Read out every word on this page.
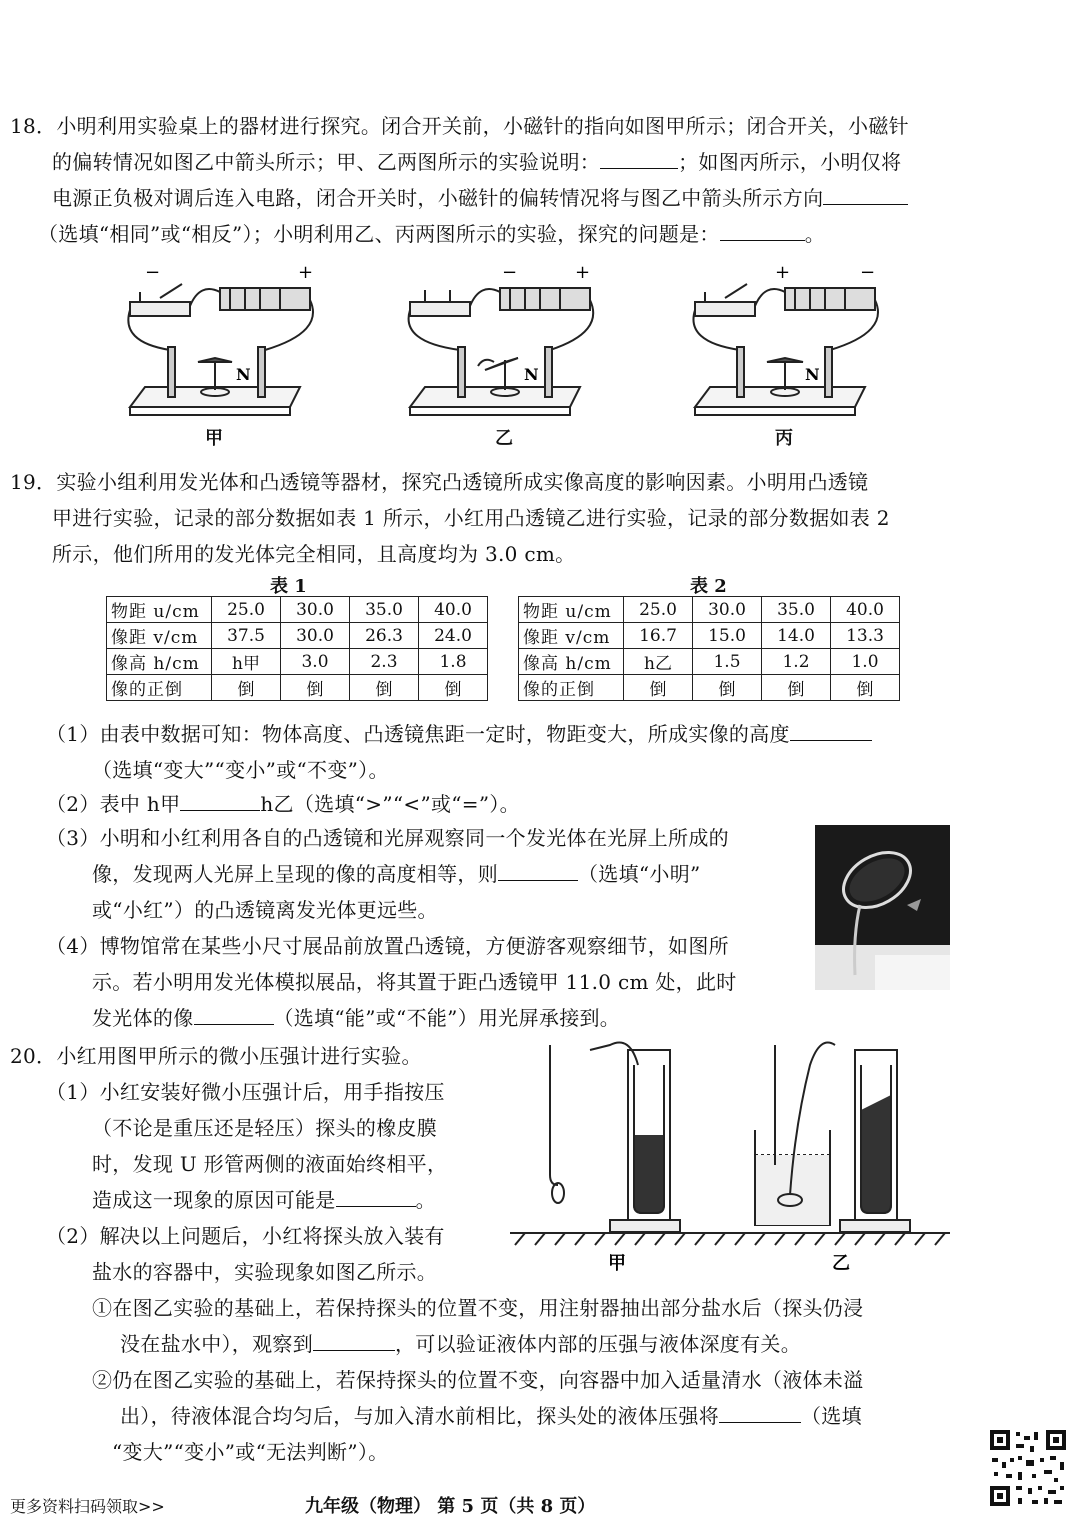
18．小明利用实验桌上的器材进行探究。闭合开关前，小磁针的指向如图甲所示；闭合开关，小磁针
的偏转情况如图乙中箭头所示；甲、乙两图所示的实验说明：	；如图丙所示，小明仅将
电源正负极对调后连入电路，闭合开关时，小磁针的偏转情况将与图乙中箭头所示方向
（选填“相同”或“相反”）；小明利用乙、丙两图所示的实验，探究的问题是：	。
−	+
N
甲
−	+
N
乙
+	−
N
丙
19．实验小组利用发光体和凸透镜等器材，探究凸透镜所成实像高度的影响因素。小明用凸透镜
甲进行实验，记录的部分数据如表 1 所示，小红用凸透镜乙进行实验，记录的部分数据如表 2
所示，他们所用的发光体完全相同，且高度均为 3.0 cm。
表 1
物距 u/cm	25.0	30.0	35.0	40.0
像距 v/cm	37.5	30.0	26.3	24.0
像高 h/cm	h甲	3.0	2.3	1.8
像的正倒	倒	倒	倒	倒
表 2
物距 u/cm	25.0	30.0	35.0	40.0
像距 v/cm	16.7	15.0	14.0	13.3
像高 h/cm	h乙	1.5	1.2	1.0
像的正倒	倒	倒	倒	倒
（1）由表中数据可知：物体高度、凸透镜焦距一定时，物距变大，所成实像的高度
（选填“变大”“变小”或“不变”）。
（2）表中 h甲	h乙（选填“>”“<”或“=”）。
（3）小明和小红利用各自的凸透镜和光屏观察同一个发光体在光屏上所成的
像，发现两人光屏上呈现的像的高度相等，则	（选填“小明”
或“小红”）的凸透镜离发光体更远些。
（4）博物馆常在某些小尺寸展品前放置凸透镜，方便游客观察细节，如图所
示。若小明用发光体模拟展品，将其置于距凸透镜甲 11.0 cm 处，此时
发光体的像	（选填“能”或“不能”）用光屏承接到。
20．小红用图甲所示的微小压强计进行实验。
（1）小红安装好微小压强计后，用手指按压
（不论是重压还是轻压）探头的橡皮膜
时，发现 U 形管两侧的液面始终相平，
造成这一现象的原因可能是	。
（2）解决以上问题后，小红将探头放入装有
盐水的容器中，实验现象如图乙所示。
①在图乙实验的基础上，若保持探头的位置不变，用注射器抽出部分盐水后（探头仍浸
没在盐水中），观察到	，可以验证液体内部的压强与液体深度有关。
②仍在图乙实验的基础上，若保持探头的位置不变，向容器中加入适量清水（液体未溢
出），待液体混合均匀后，与加入清水前相比，探头处的液体压强将	（选填
“变大”“变小”或“无法判断”）。
甲	乙
更多资料扫码领取>>	九年级（物理） 第 5 页（共 8 页）
